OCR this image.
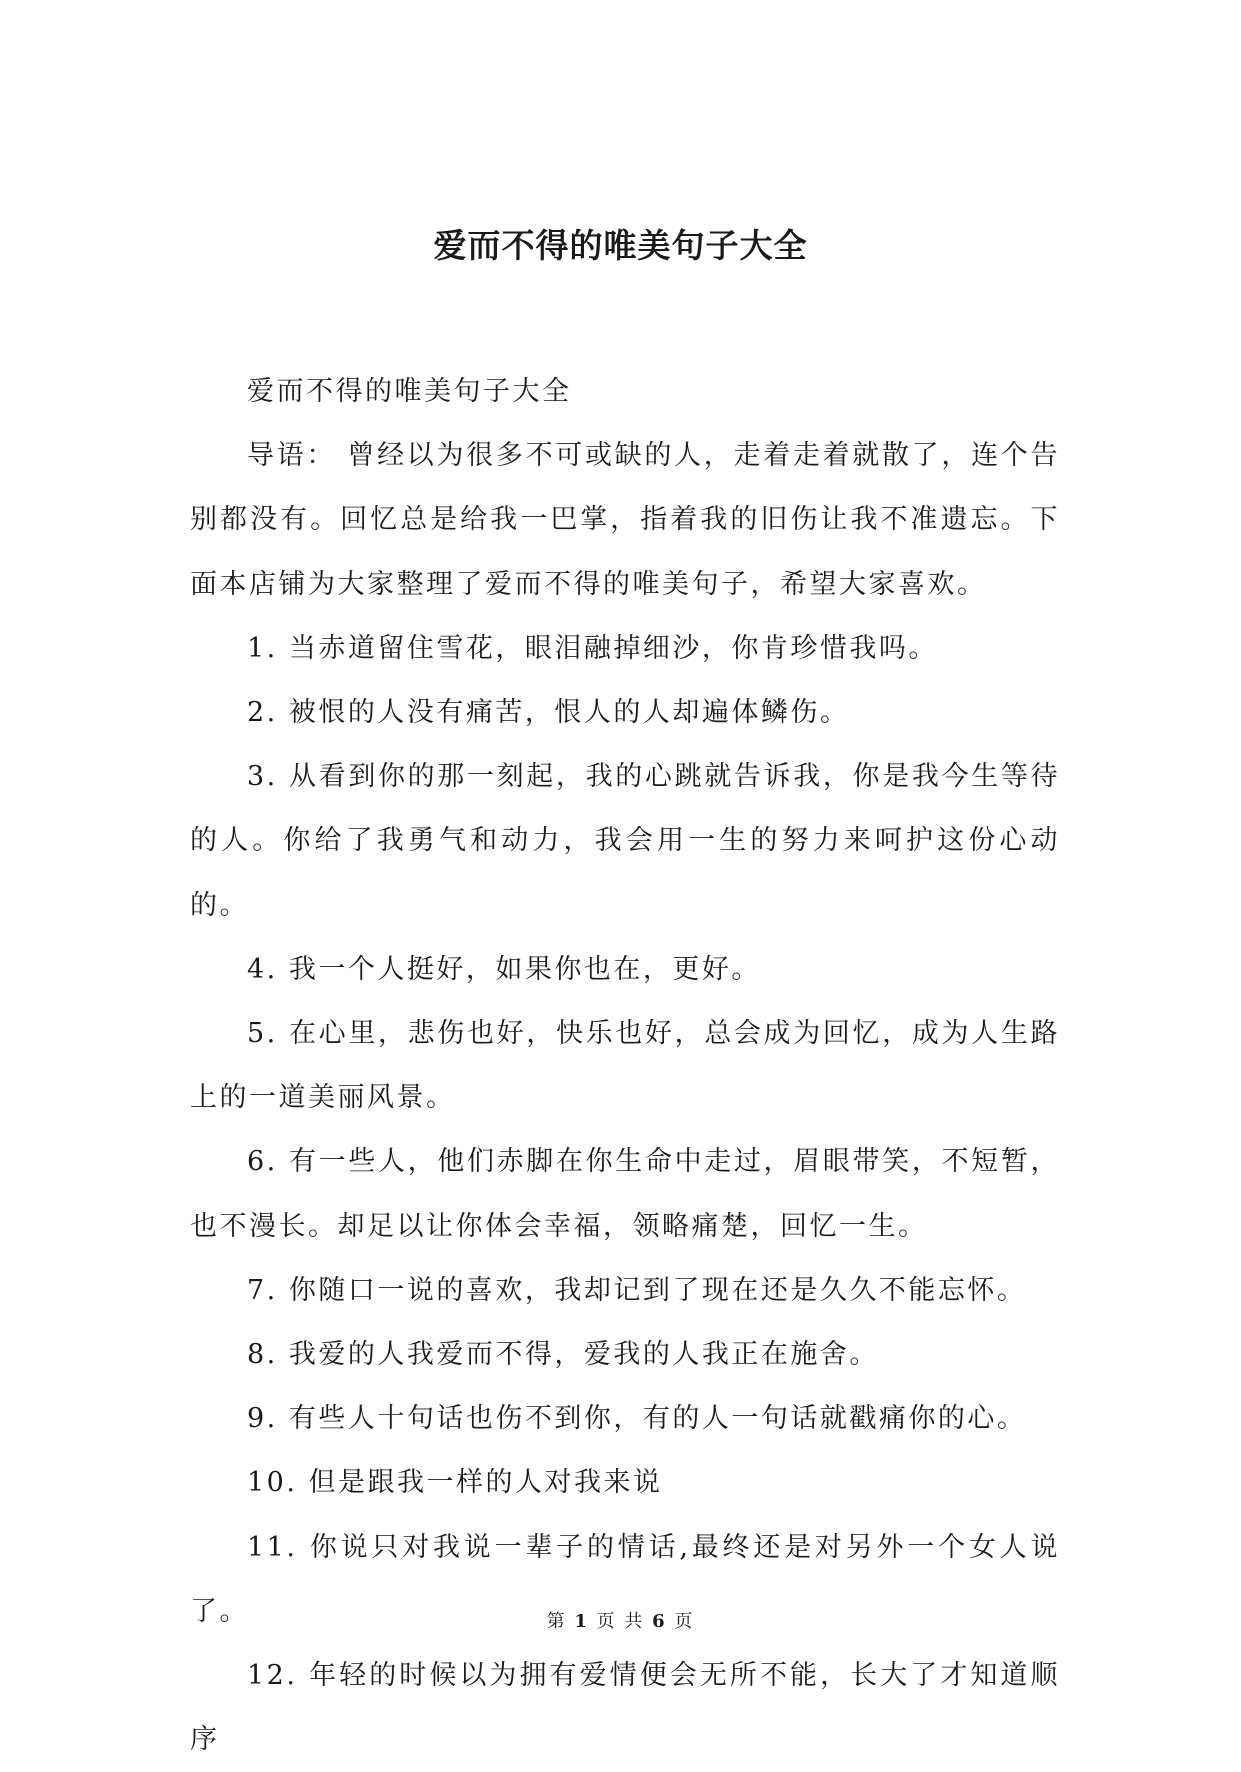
爱而不得的唯美句子大全

爱而不得的唯美句子大全

导语： 曾经以为很多不可或缺的人，走着走着就散了，连个告别都没有。回忆总是给我一巴掌，指着我的旧伤让我不准遗忘。下面本店铺为大家整理了爱而不得的唯美句子，希望大家喜欢。

1. 当赤道留住雪花，眼泪融掉细沙，你肯珍惜我吗。

2. 被恨的人没有痛苦，恨人的人却遍体鳞伤。

3. 从看到你的那一刻起，我的心跳就告诉我，你是我今生等待的人。你给了我勇气和动力，我会用一生的努力来呵护这份心动的。

4. 我一个人挺好，如果你也在，更好。

5. 在心里，悲伤也好，快乐也好，总会成为回忆，成为人生路上的一道美丽风景。

6. 有一些人，他们赤脚在你生命中走过，眉眼带笑，不短暂，也不漫长。却足以让你体会幸福，领略痛楚，回忆一生。

7. 你随口一说的喜欢，我却记到了现在还是久久不能忘怀。

8. 我爱的人我爱而不得，爱我的人我正在施舍。

9. 有些人十句话也伤不到你，有的人一句话就戳痛你的心。

10. 但是跟我一样的人对我来说

11. 你说只对我说一辈子的情话,最终还是对另外一个女人说了。

12. 年轻的时候以为拥有爱情便会无所不能，长大了才知道顺序

第 1 页 共 6 页
